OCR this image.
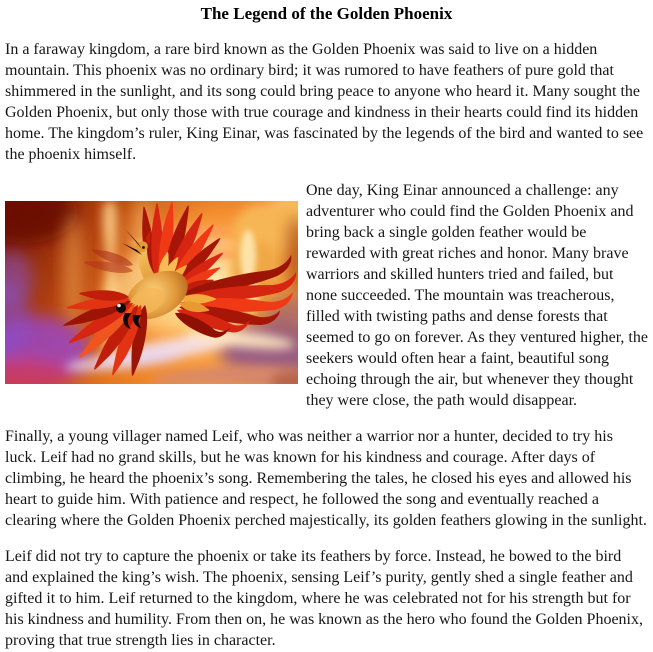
The Legend of the Golden Phoenix

In a faraway kingdom, a rare bird known as the Golden Phoenix was said to live on a hidden mountain. This phoenix was no ordinary bird; it was rumored to have feathers of pure gold that shimmered in the sunlight, and its song could bring peace to anyone who heard it. Many sought the Golden Phoenix, but only those with true courage and kindness in their hearts could find its hidden home. The kingdom’s ruler, King Einar, was fascinated by the legends of the bird and wanted to see the phoenix himself.

One day, King Einar announced a challenge: any adventurer who could find the Golden Phoenix and bring back a single golden feather would be rewarded with great riches and honor. Many brave warriors and skilled hunters tried and failed, but none succeeded. The mountain was treacherous, filled with twisting paths and dense forests that seemed to go on forever. As they ventured higher, the seekers would often hear a faint, beautiful song echoing through the air, but whenever they thought they were close, the path would disappear.

Finally, a young villager named Leif, who was neither a warrior nor a hunter, decided to try his luck. Leif had no grand skills, but he was known for his kindness and courage. After days of climbing, he heard the phoenix’s song. Remembering the tales, he closed his eyes and allowed his heart to guide him. With patience and respect, he followed the song and eventually reached a clearing where the Golden Phoenix perched majestically, its golden feathers glowing in the sunlight.

Leif did not try to capture the phoenix or take its feathers by force. Instead, he bowed to the bird and explained the king’s wish. The phoenix, sensing Leif’s purity, gently shed a single feather and gifted it to him. Leif returned to the kingdom, where he was celebrated not for his strength but for his kindness and humility. From then on, he was known as the hero who found the Golden Phoenix, proving that true strength lies in character.
